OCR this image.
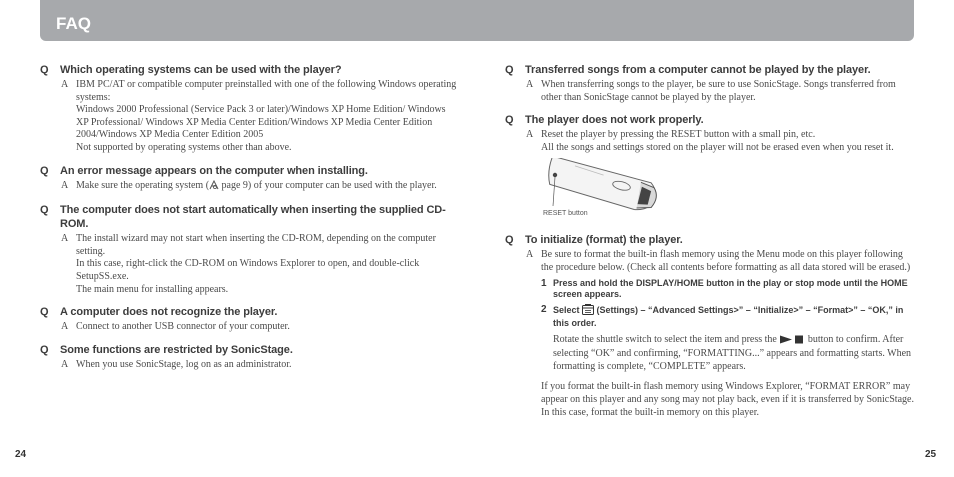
FAQ
Q Which operating systems can be used with the player?
A IBM PC/AT or compatible computer preinstalled with one of the following Windows operating systems:

Windows 2000 Professional (Service Pack 3 or later)/Windows XP Home Edition/ Windows XP Professional/ Windows XP Media Center Edition/Windows XP Media Center Edition 2004/Windows XP Media Center Edition 2005

Not supported by operating systems other than above.

Q An error message appears on the computer when installing.
A Make sure the operating system ( page 9) of your computer can be used with the player.

Q The computer does not start automatically when inserting the supplied CD-ROM.
A The install wizard may not start when inserting the CD-ROM, depending on the computer setting.

In this case, right-click the CD-ROM on Windows Explorer to open, and double-click SetupSS.exe.

The main menu for installing appears.

Q A computer does not recognize the player.
A Connect to another USB connector of your computer.

Q Some functions are restricted by SonicStage.
A When you use SonicStage, log on as an administrator.

Q Transferred songs from a computer cannot be played by the player.
A When transferring songs to the player, be sure to use SonicStage. Songs transferred from other than SonicStage cannot be played by the player.

Q The player does not work properly.
A Reset the player by pressing the RESET button with a small pin, etc.

All the songs and settings stored on the player will not be erased even when you reset it.

RESET button
Q To initialize (format) the player.
A Be sure to format the built-in flash memory using the Menu mode on this player following the procedure below. (Check all contents before formatting as all data stored will be erased.)

1 Press and hold the DISPLAY/HOME button in the play or stop mode until the HOME screen appears.
2 Select  (Settings) – “Advanced Settings>” – “Initialize>” – “Format>” – “OK,” in this order.
Rotate the shuttle switch to select the item and press the	button to confirm. After selecting “OK” and confirming, “FORMATTING...” appears and formatting starts. When formatting is complete, “COMPLETE” appears.
If you format the built-in flash memory using Windows Explorer, “FORMAT ERROR” may appear on this player and any song may not play back, even if it is transferred by SonicStage. In this case, format the built-in memory on this player.
24	25
